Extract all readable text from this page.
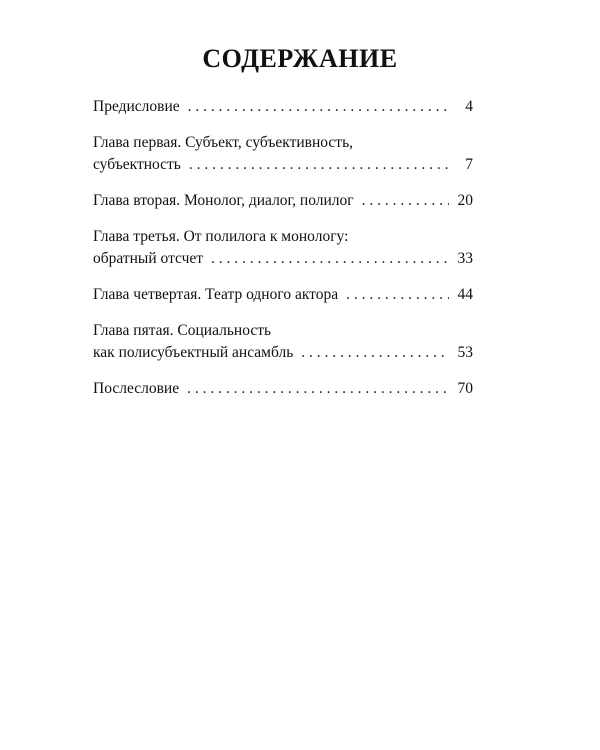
СОДЕРЖАНИЕ
Предисловие . . .	4
Глава первая. Субъект, субъективность,
субъектность . . .	7
Глава вторая. Монолог, диалог, полилог . . .	20
Глава третья. От полилога к монологу:
обратный отсчет . . .	33
Глава четвертая. Театр одного актора . . .	44
Глава пятая. Социальность
как полисубъектный ансамбль . . .	53
Послесловие . . .	70
